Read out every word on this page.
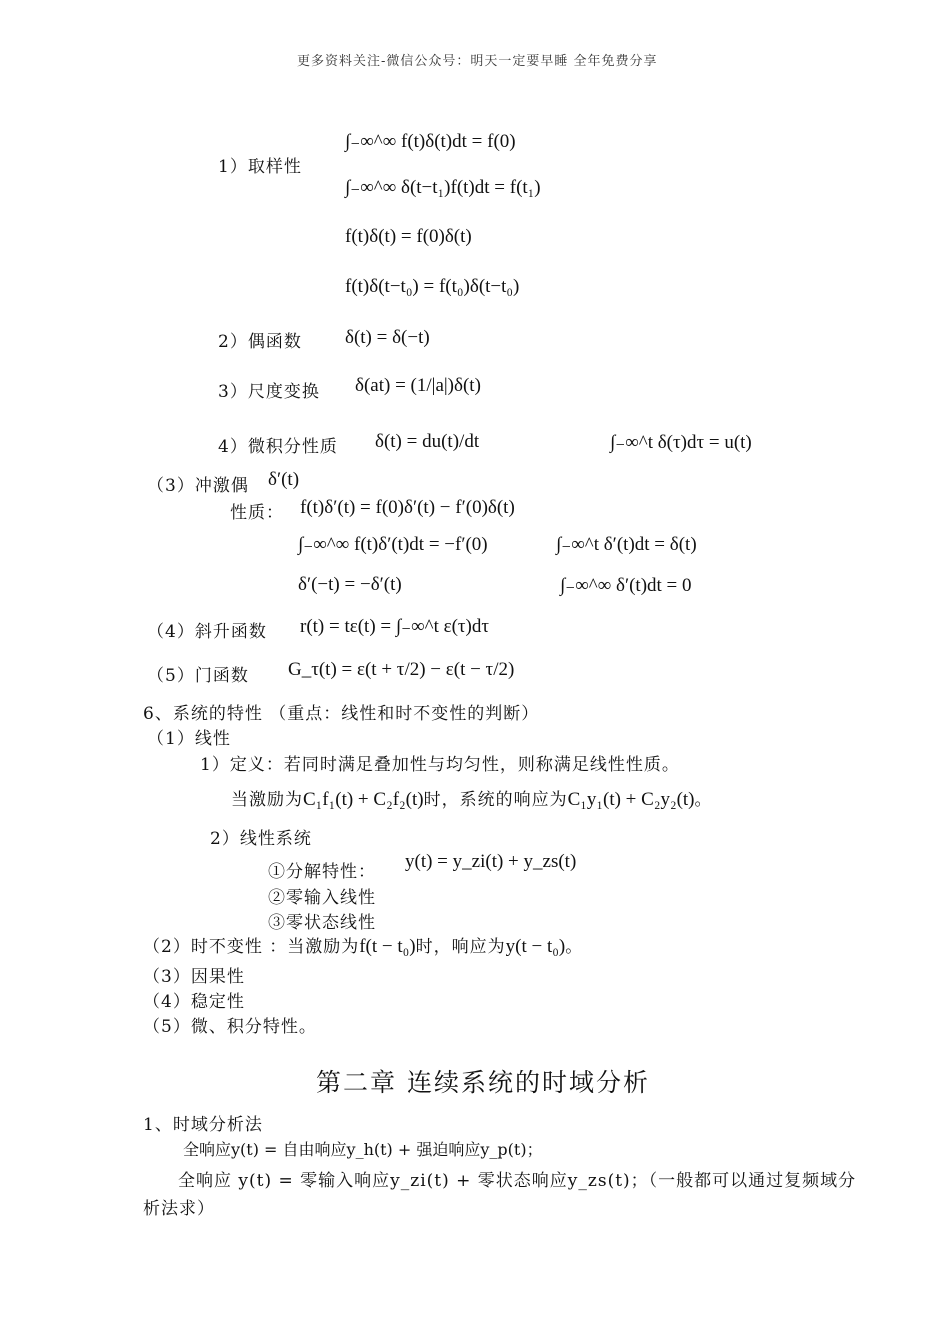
更多资料关注-微信公众号：明天一定要早睡 全年免费分享
1）取样性
∫₋∞^∞ f(t)δ(t)dt = f(0)
∫₋∞^∞ δ(t−t₁)f(t)dt = f(t₁)
f(t)δ(t) = f(0)δ(t)
f(t)δ(t−t₀) = f(t₀)δ(t−t₀)
2）偶函数 δ(t) = δ(−t)
3）尺度变换 δ(at) = (1/|a|)δ(t)
4）微积分性质 δ(t) = du(t)/dt	∫₋∞^t δ(τ)dτ = u(t)
（3）冲激偶 δ′(t)
性质： f(t)δ′(t) = f(0)δ′(t) − f′(0)δ(t)
∫₋∞^∞ f(t)δ′(t)dt = −f′(0)	∫₋∞^t δ′(t)dt = δ(t)
δ′(−t) = −δ′(t)	∫₋∞^∞ δ′(t)dt = 0
（4）斜升函数 r(t) = tε(t) = ∫₋∞^t ε(τ)dτ
（5）门函数 G_τ(t) = ε(t + τ/2) − ε(t − τ/2)
6、系统的特性 （重点：线性和时不变性的判断）
（1）线性
1）定义：若同时满足叠加性与均匀性，则称满足线性性质。
当激励为C₁f₁(t) + C₂f₂(t)时，系统的响应为C₁y₁(t) + C₂y₂(t)。
2）线性系统
①分解特性： y(t) = y_zi(t) + y_zs(t)
②零输入线性
③零状态线性
（2）时不变性 ：当激励为f(t − t₀)时，响应为y(t − t₀)。
（3）因果性
（4）稳定性
（5）微、积分特性。
第二章 连续系统的时域分析
1、时域分析法
全响应y(t) = 自由响应y_h(t) + 强迫响应y_p(t)；
全响应 y(t) = 零输入响应y_zi(t) + 零状态响应y_zs(t)；（一般都可以通过复频域分
析法求）
